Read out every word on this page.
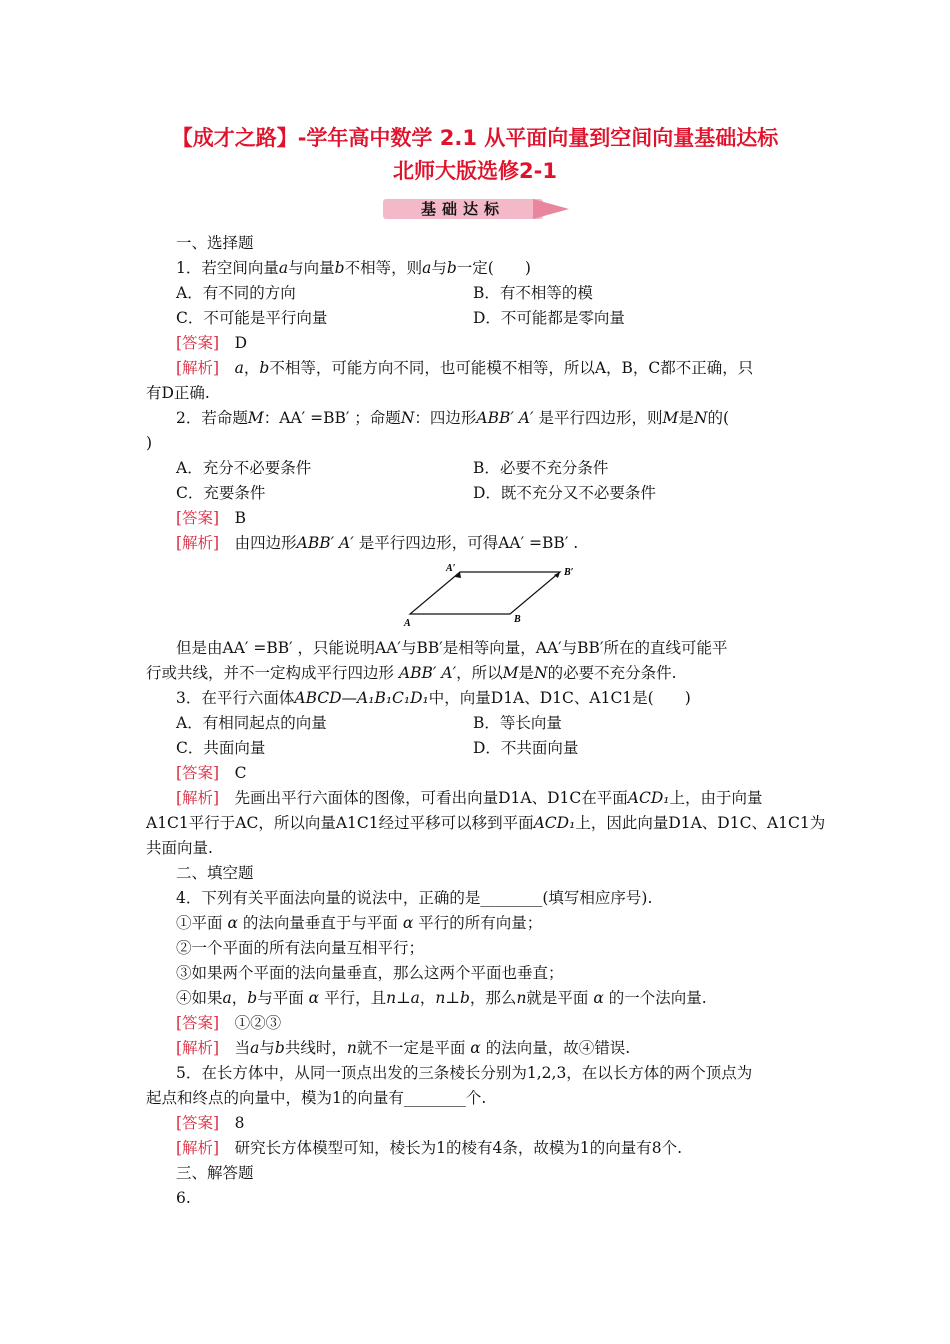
【成才之路】-学年高中数学 2.1 从平面向量到空间向量基础达标
北师大版选修2-1
基础达标
一、选择题
1．若空间向量a与向量b不相等，则a与b一定(　　)
A．有不同的方向	B．有不相等的模
C．不可能是平行向量	D．不可能都是零向量
[答案]　 D
[解析]　 a，b不相等，可能方向不同，也可能模不相等，所以A，B，C都不正确，只
有D正确.
2．若命题M：AA′ =BB′ ；命题N：四边形ABB′ A′ 是平行四边形，则M是N的(
)
A．充分不必要条件	B．必要不充分条件
C．充要条件	D．既不充分又不必要条件
[答案]　 B
[解析]　 由四边形ABB′ A′ 是平行四边形，可得AA′ =BB′ .
A′	B′
A	B
但是由AA′ =BB′ ，只能说明AA′与BB′是相等向量，AA′与BB′所在的直线可能平
行或共线，并不一定构成平行四边形 ABB′ A′，所以M是N的必要不充分条件.
3．在平行六面体ABCD—A₁B₁C₁D₁中，向量D1A、D1C、A1C1是(　　)
A．有相同起点的向量	B．等长向量
C．共面向量	D．不共面向量
[答案]　 C
[解析]　 先画出平行六面体的图像，可看出向量D1A、D1C在平面ACD₁上，由于向量
A1C1平行于AC，所以向量A1C1经过平移可以移到平面ACD₁上，因此向量D1A、D1C、A1C1为
共面向量.
二、填空题
4．下列有关平面法向量的说法中，正确的是________(填写相应序号).
①平面 α 的法向量垂直于与平面 α 平行的所有向量；
②一个平面的所有法向量互相平行；
③如果两个平面的法向量垂直，那么这两个平面也垂直；
④如果a，b与平面 α 平行，且n⊥a，n⊥b，那么n就是平面 α 的一个法向量.
[答案]　 ①②③
[解析]　 当a与b共线时，n就不一定是平面 α 的法向量，故④错误.
5．在长方体中，从同一顶点出发的三条棱长分别为1,2,3，在以长方体的两个顶点为
起点和终点的向量中，模为1的向量有________个.
[答案]　 8
[解析]　 研究长方体模型可知，棱长为1的棱有4条，故模为1的向量有8个.
三、解答题
6.
